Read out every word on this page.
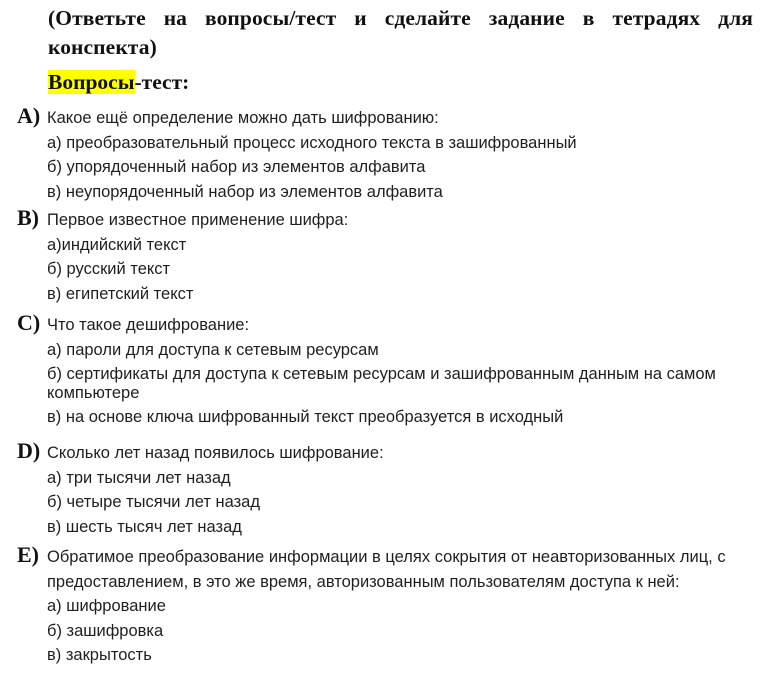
(Ответьте на вопросы/тест и сделайте задание в тетрадях для конспекта)
Вопросы-тест:
A) Какое ещё определение можно дать шифрованию:
а) преобразовательный процесс исходного текста в зашифрованный
б) упорядоченный набор из элементов алфавита
в) неупорядоченный набор из элементов алфавита
B) Первое известное применение шифра:
а)индийский текст
б) русский текст
в) египетский текст
C) Что такое дешифрование:
а) пароли для доступа к сетевым ресурсам
б) сертификаты для доступа к сетевым ресурсам и зашифрованным данным на самом компьютере
в) на основе ключа шифрованный текст преобразуется в исходный
D) Сколько лет назад появилось шифрование:
а) три тысячи лет назад
б) четыре тысячи лет назад
в) шесть тысяч лет назад
E) Обратимое преобразование информации в целях сокрытия от неавторизованных лиц, с предоставлением, в это же время, авторизованным пользователям доступа к ней:
а) шифрование
б) зашифровка
в) закрытость
